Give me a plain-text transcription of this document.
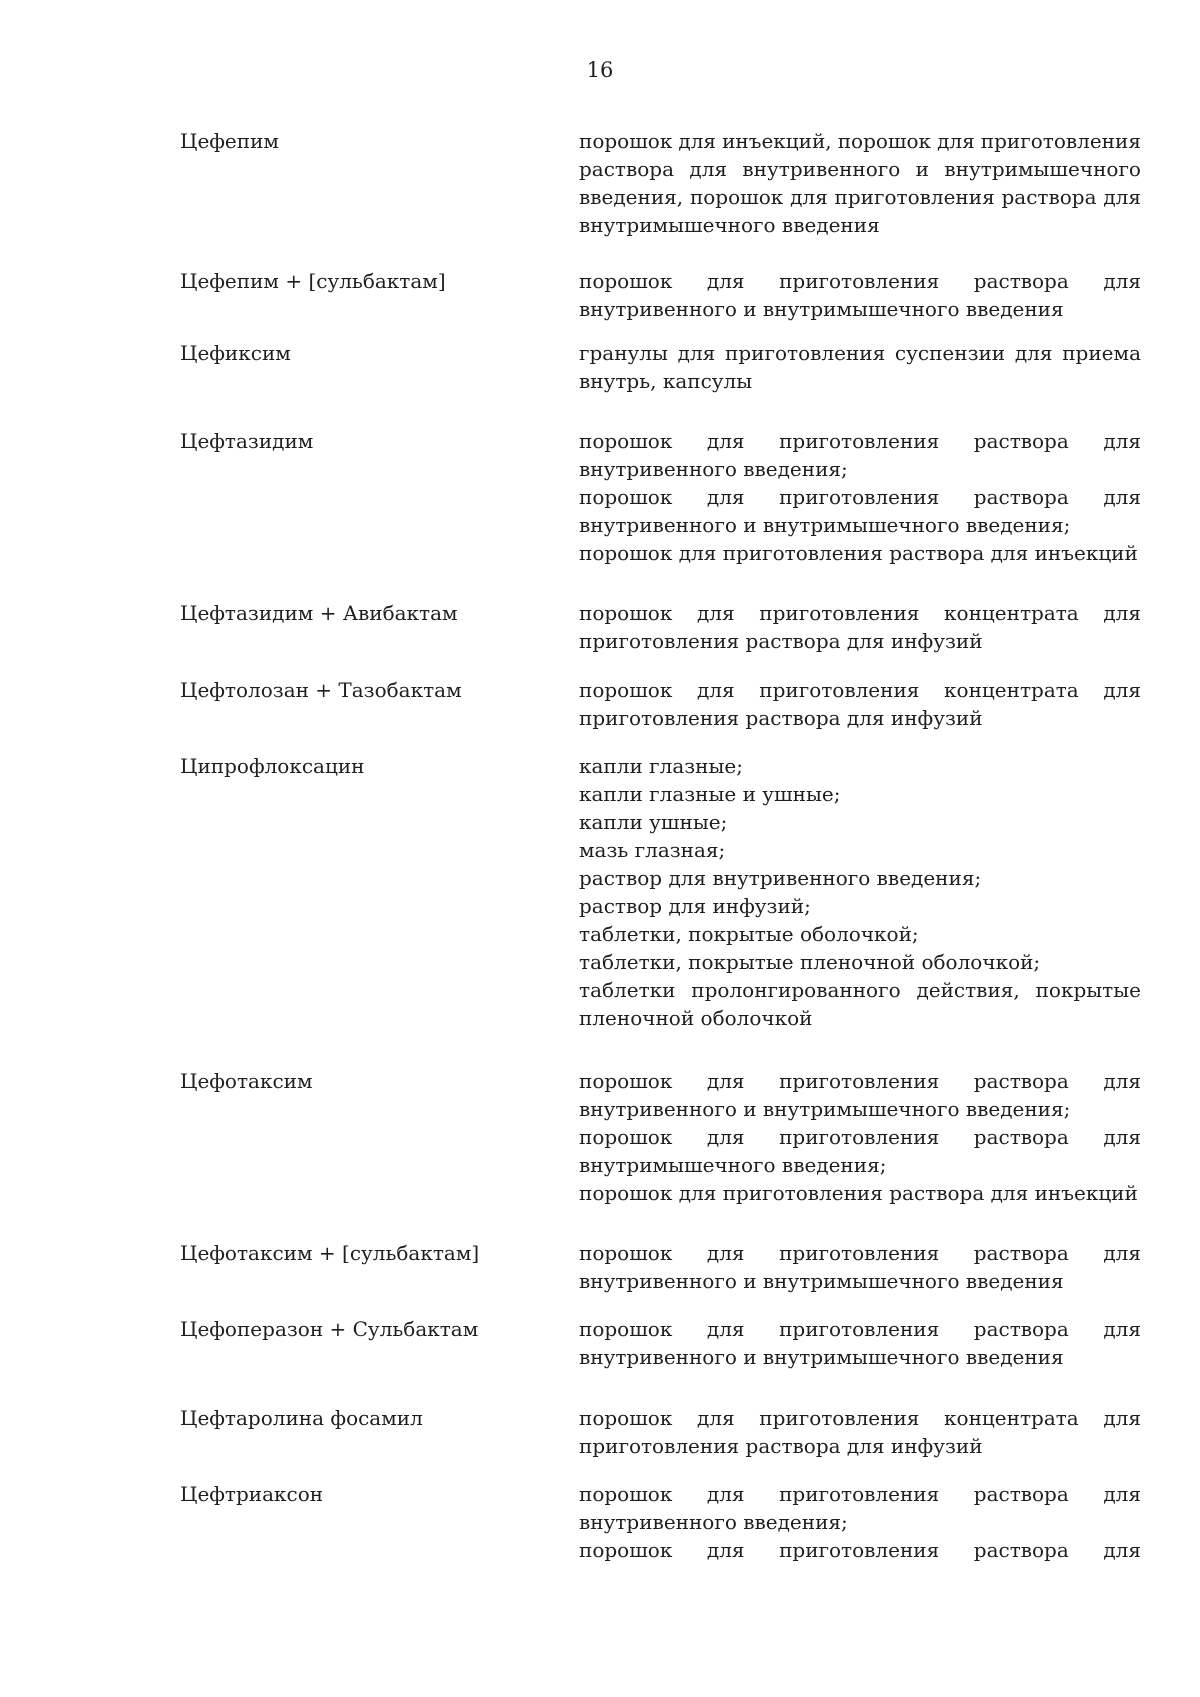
16
Цефепим	порошок для инъекций, порошок для приготовления
раствора для внутривенного и внутримышечного
введения, порошок для приготовления раствора для
внутримышечного введения
Цефепим + [сульбактам]	порошок для приготовления раствора для
внутривенного и внутримышечного введения
Цефиксим	гранулы для приготовления суспензии для приема
внутрь, капсулы
Цефтазидим	порошок для приготовления раствора для
внутривенного введения;
порошок для приготовления раствора для
внутривенного и внутримышечного введения;
порошок для приготовления раствора для инъекций
Цефтазидим + Авибактам	порошок для приготовления концентрата для
приготовления раствора для инфузий
Цефтолозан + Тазобактам	порошок для приготовления концентрата для
приготовления раствора для инфузий
Ципрофлоксацин	капли глазные;
капли глазные и ушные;
капли ушные;
мазь глазная;
раствор для внутривенного введения;
раствор для инфузий;
таблетки, покрытые оболочкой;
таблетки, покрытые пленочной оболочкой;
таблетки пролонгированного действия, покрытые
пленочной оболочкой
Цефотаксим	порошок для приготовления раствора для
внутривенного и внутримышечного введения;
порошок для приготовления раствора для
внутримышечного введения;
порошок для приготовления раствора для инъекций
Цефотаксим + [сульбактам]	порошок для приготовления раствора для
внутривенного и внутримышечного введения
Цефоперазон + Сульбактам	порошок для приготовления раствора для
внутривенного и внутримышечного введения
Цефтаролина фосамил	порошок для приготовления концентрата для
приготовления раствора для инфузий
Цефтриаксон	порошок для приготовления раствора для
внутривенного введения;
порошок для приготовления раствора для
